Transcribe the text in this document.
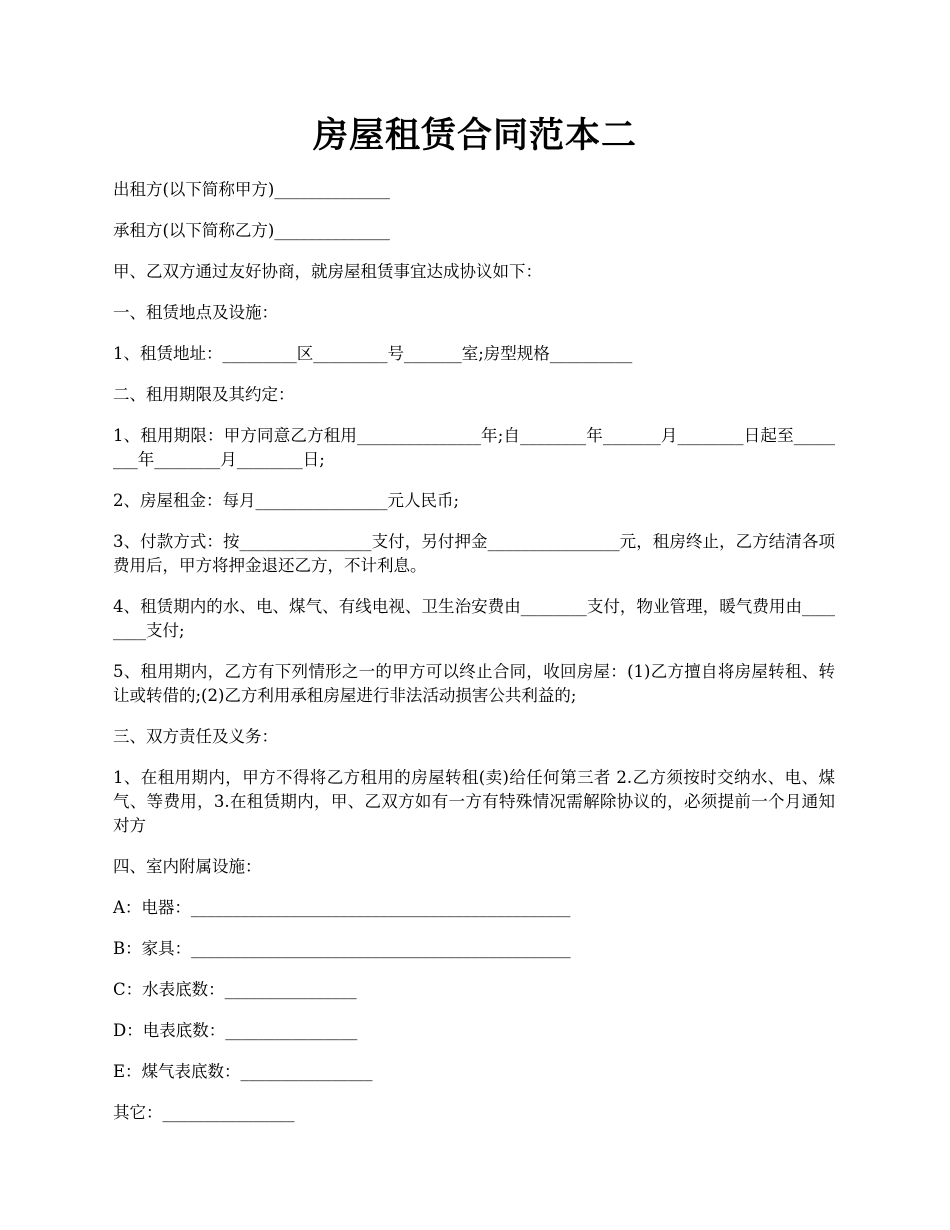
房屋租赁合同范本二

出租方(以下简称甲方)______________

承租方(以下简称乙方)______________

甲、乙双方通过友好协商，就房屋租赁事宜达成协议如下：

一、租赁地点及设施：

1、租赁地址：_________区_________号_______室;房型规格__________

二、租用期限及其约定：

1、租用期限：甲方同意乙方租用_______________年;自________年_______月________日起至________年________月________日;

2、房屋租金：每月________________元人民币;

3、付款方式：按________________支付，另付押金________________元，租房终止，乙方结清各项费用后，甲方将押金退还乙方，不计利息。

4、租赁期内的水、电、煤气、有线电视、卫生治安费由________支付，物业管理，暖气费用由________支付;

5、租用期内，乙方有下列情形之一的甲方可以终止合同，收回房屋：(1)乙方擅自将房屋转租、转让或转借的;(2)乙方利用承租房屋进行非法活动损害公共利益的;

三、双方责任及义务：

1、在租用期内，甲方不得将乙方租用的房屋转租(卖)给任何第三者 2.乙方须按时交纳水、电、煤气、等费用，3.在租赁期内，甲、乙双方如有一方有特殊情况需解除协议的，必须提前一个月通知对方

四、室内附属设施：

A：电器：______________________________________________

B：家具：______________________________________________

C：水表底数：________________

D：电表底数：________________

E：煤气表底数：________________

其它：________________
